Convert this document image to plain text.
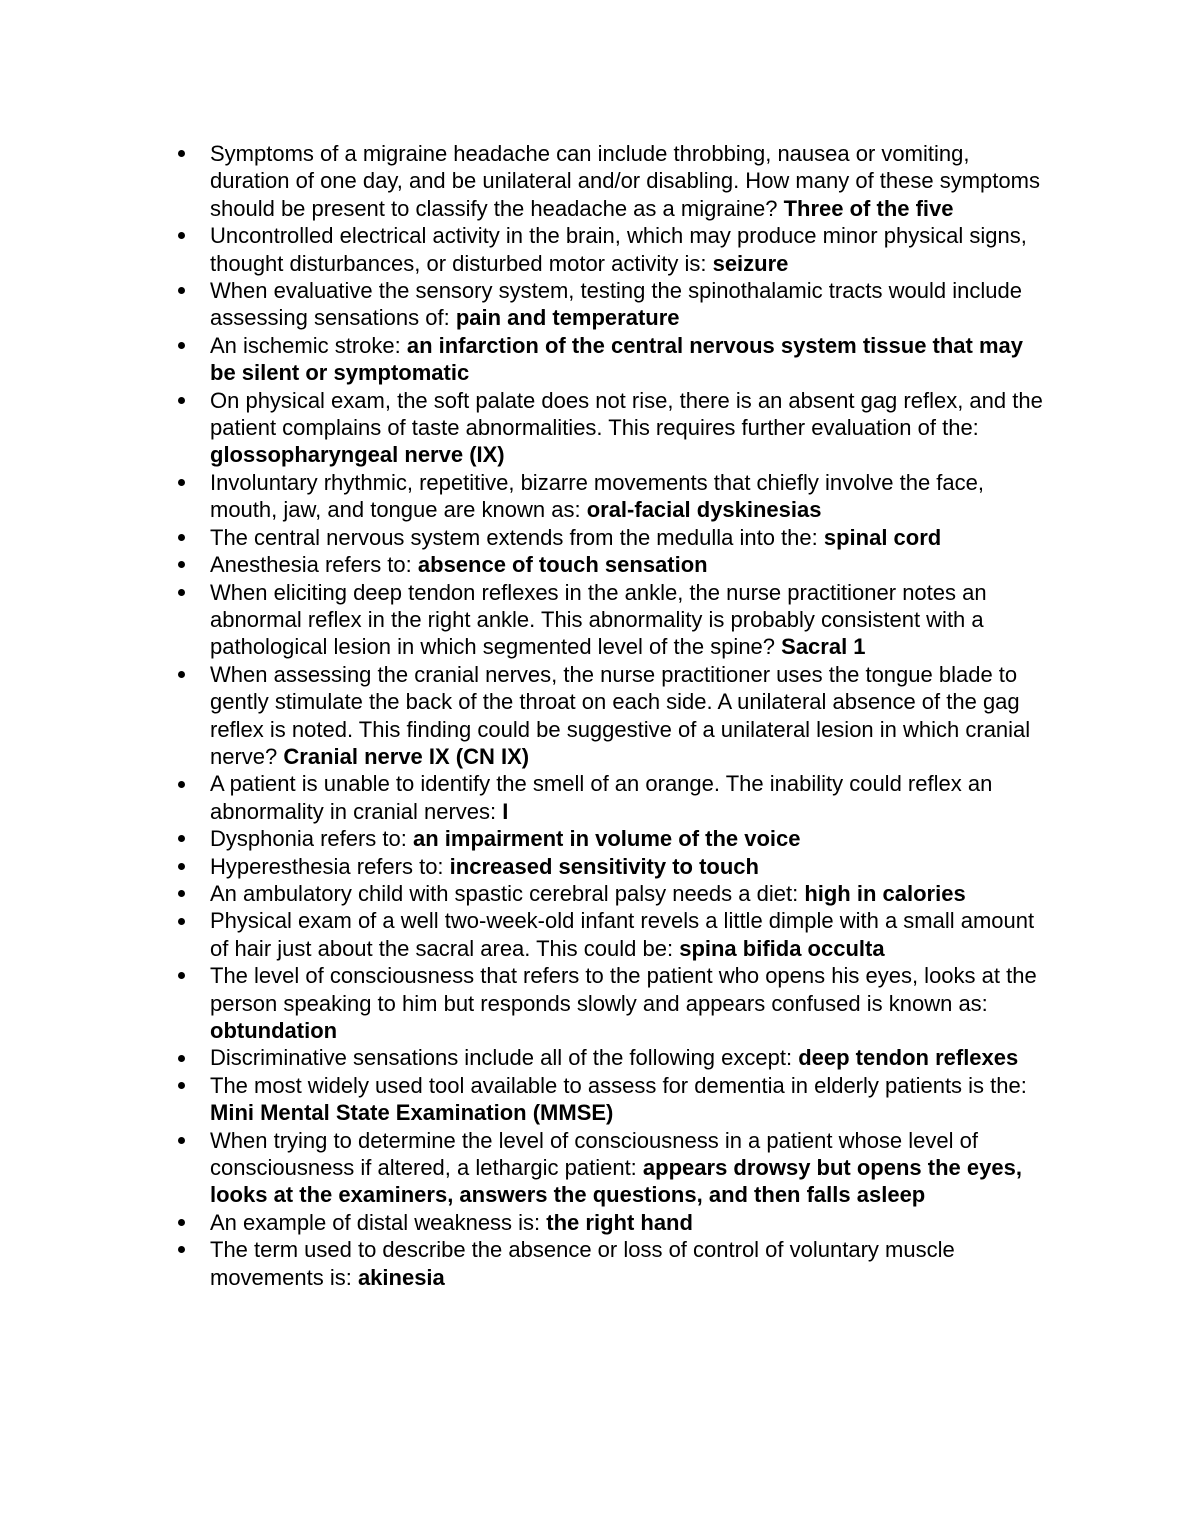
Symptoms of a migraine headache can include throbbing, nausea or vomiting, duration of one day, and be unilateral and/or disabling. How many of these symptoms should be present to classify the headache as a migraine? Three of the five
Uncontrolled electrical activity in the brain, which may produce minor physical signs, thought disturbances, or disturbed motor activity is: seizure
When evaluative the sensory system, testing the spinothalamic tracts would include assessing sensations of: pain and temperature
An ischemic stroke: an infarction of the central nervous system tissue that may be silent or symptomatic
On physical exam, the soft palate does not rise, there is an absent gag reflex, and the patient complains of taste abnormalities. This requires further evaluation of the: glossopharyngeal nerve (IX)
Involuntary rhythmic, repetitive, bizarre movements that chiefly involve the face, mouth, jaw, and tongue are known as: oral-facial dyskinesias
The central nervous system extends from the medulla into the: spinal cord
Anesthesia refers to: absence of touch sensation
When eliciting deep tendon reflexes in the ankle, the nurse practitioner notes an abnormal reflex in the right ankle. This abnormality is probably consistent with a pathological lesion in which segmented level of the spine? Sacral 1
When assessing the cranial nerves, the nurse practitioner uses the tongue blade to gently stimulate the back of the throat on each side. A unilateral absence of the gag reflex is noted. This finding could be suggestive of a unilateral lesion in which cranial nerve? Cranial nerve IX (CN IX)
A patient is unable to identify the smell of an orange. The inability could reflex an abnormality in cranial nerves: I
Dysphonia refers to: an impairment in volume of the voice
Hyperesthesia refers to: increased sensitivity to touch
An ambulatory child with spastic cerebral palsy needs a diet: high in calories
Physical exam of a well two-week-old infant revels a little dimple with a small amount of hair just about the sacral area. This could be: spina bifida occulta
The level of consciousness that refers to the patient who opens his eyes, looks at the person speaking to him but responds slowly and appears confused is known as: obtundation
Discriminative sensations include all of the following except: deep tendon reflexes
The most widely used tool available to assess for dementia in elderly patients is the: Mini Mental State Examination (MMSE)
When trying to determine the level of consciousness in a patient whose level of consciousness if altered, a lethargic patient: appears drowsy but opens the eyes, looks at the examiners, answers the questions, and then falls asleep
An example of distal weakness is: the right hand
The term used to describe the absence or loss of control of voluntary muscle movements is: akinesia
